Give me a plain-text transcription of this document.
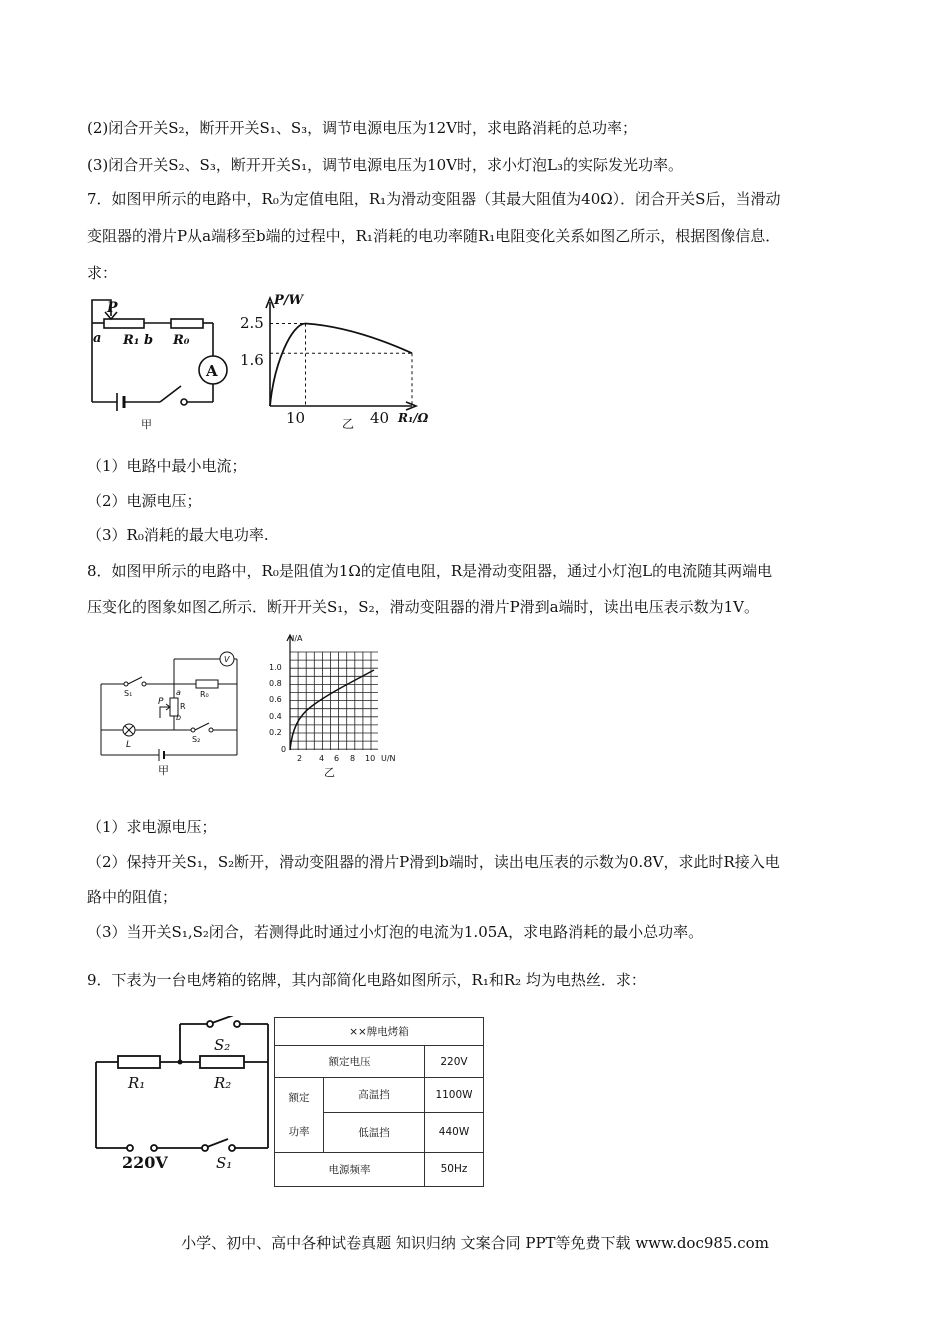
(2)闭合开关S₂，断开开关S₁、S₃，调节电源电压为12V时，求电路消耗的总功率；
(3)闭合开关S₂、S₃，断开开关S₁，调节电源电压为10V时，求小灯泡L₃的实际发光功率。
7．如图甲所示的电路中，R₀为定值电阻，R₁为滑动变阻器（其最大阻值为40Ω）．闭合开关S后，当滑动
变阻器的滑片P从a端移至b端的过程中，R₁消耗的电功率随R₁电阻变化关系如图乙所示，根据图像信息．
求：
P
a R₁ b R₀
A
甲
P/W
2.5
1.6
10	40
乙	R₁/Ω
（1）电路中最小电流；
（2）电源电压；
（3）R₀消耗的最大电功率.
8．如图甲所示的电路中，R₀是阻值为1Ω的定值电阻，R是滑动变阻器，通过小灯泡L的电流随其两端电
压变化的图象如图乙所示．断开开关S₁，S₂，滑动变阻器的滑片P滑到a端时，读出电压表示数为1V。
V
S₁	R₀
a
P R
b
L
S₂
甲
I/A
1.0
0.8
0.6
0.4
0.2
0
2 4 6 8 10 U/N
乙
（1）求电源电压；
（2）保持开关S₁，S₂断开，滑动变阻器的滑片P滑到b端时，读出电压表的示数为0.8V，求此时R接入电
路中的阻值；
（3）当开关S₁,S₂闭合，若测得此时通过小灯泡的电流为1.05A，求电路消耗的最小总功率。
9．下表为一台电烤箱的铭牌，其内部简化电路如图所示，R₁和R₂ 均为电热丝．求：
S₂
R₁	R₂
220V	S₁
××牌电烤箱		
额定电压		220V

额定
功率	高温挡	1100W
	低温挡	440W
电源频率		50Hz
小学、初中、高中各种试卷真题 知识归纳 文案合同 PPT等免费下载 www.doc985.com
